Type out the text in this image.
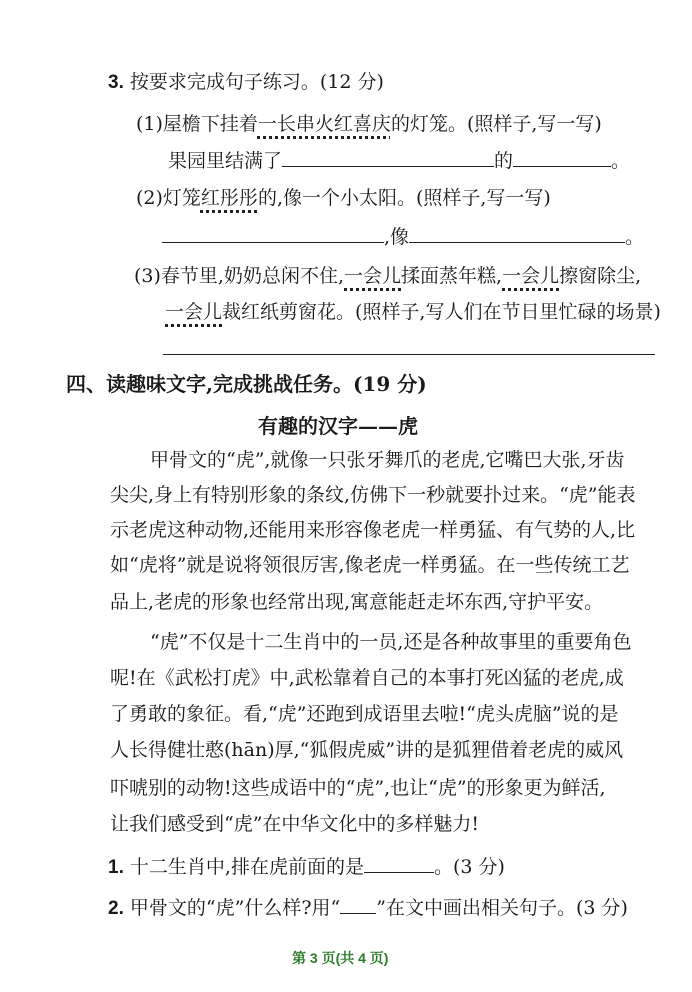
3. 按要求完成句子练习。(12 分)
(1)屋檐下挂着一长串火红喜庆的灯笼。(照样子,写一写)
果园里结满了	的	。
(2)灯笼红彤彤的,像一个小太阳。(照样子,写一写)
,像	。
(3)春节里,奶奶总闲不住,一会儿揉面蒸年糕,一会儿擦窗除尘,
一会儿裁红纸剪窗花。(照样子,写人们在节日里忙碌的场景)
四、读趣味文字,完成挑战任务。(19 分)
有趣的汉字——虎
甲骨文的“虎”,就像一只张牙舞爪的老虎,它嘴巴大张,牙齿
尖尖,身上有特别形象的条纹,仿佛下一秒就要扑过来。“虎”能表
示老虎这种动物,还能用来形容像老虎一样勇猛、有气势的人,比
如“虎将”就是说将领很厉害,像老虎一样勇猛。在一些传统工艺
品上,老虎的形象也经常出现,寓意能赶走坏东西,守护平安。
“虎”不仅是十二生肖中的一员,还是各种故事里的重要角色
呢!在《武松打虎》中,武松靠着自己的本事打死凶猛的老虎,成
了勇敢的象征。看,“虎”还跑到成语里去啦!“虎头虎脑”说的是
人长得健壮憨(hān)厚,“狐假虎威”讲的是狐狸借着老虎的威风
吓唬别的动物!这些成语中的“虎”,也让“虎”的形象更为鲜活,
让我们感受到“虎”在中华文化中的多样魅力!
1. 十二生肖中,排在虎前面的是	。(3 分)
2. 甲骨文的“虎”什么样?用“ ”在文中画出相关句子。(3 分)
第 3 页(共 4 页)
